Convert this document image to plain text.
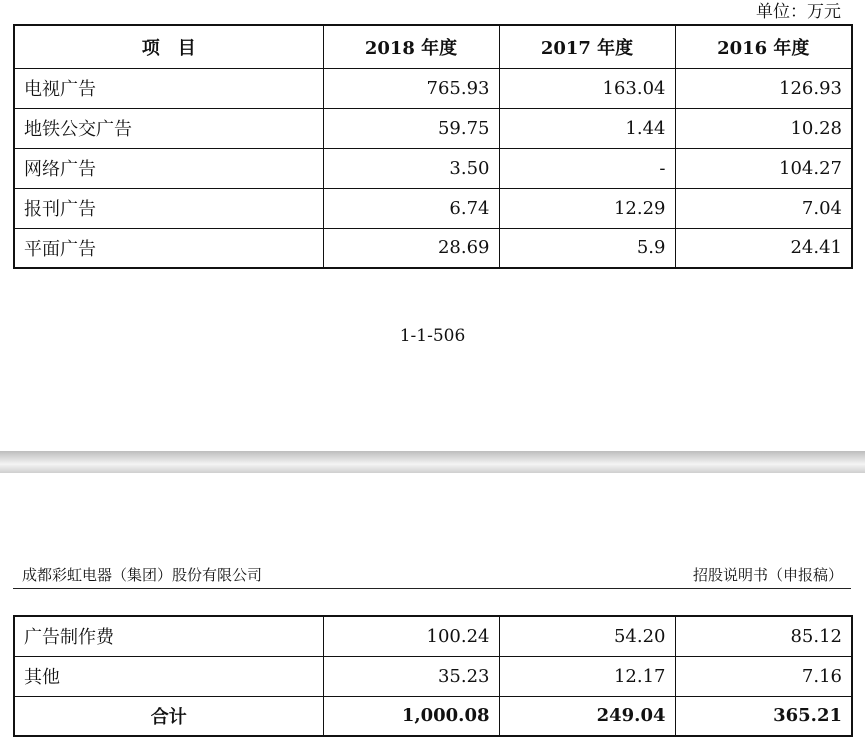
单位：万元
项　目	2018 年度	2017 年度	2016 年度
电视广告	765.93	163.04	126.93
地铁公交广告	59.75	1.44	10.28
网络广告	3.50	-	104.27
报刊广告	6.74	12.29	7.04
平面广告	28.69	5.9	24.41
1-1-506
成都彩虹电器（集团）股份有限公司	招股说明书（申报稿）
广告制作费	100.24	54.20	85.12
其他	35.23	12.17	7.16
合计	1,000.08	249.04	365.21
